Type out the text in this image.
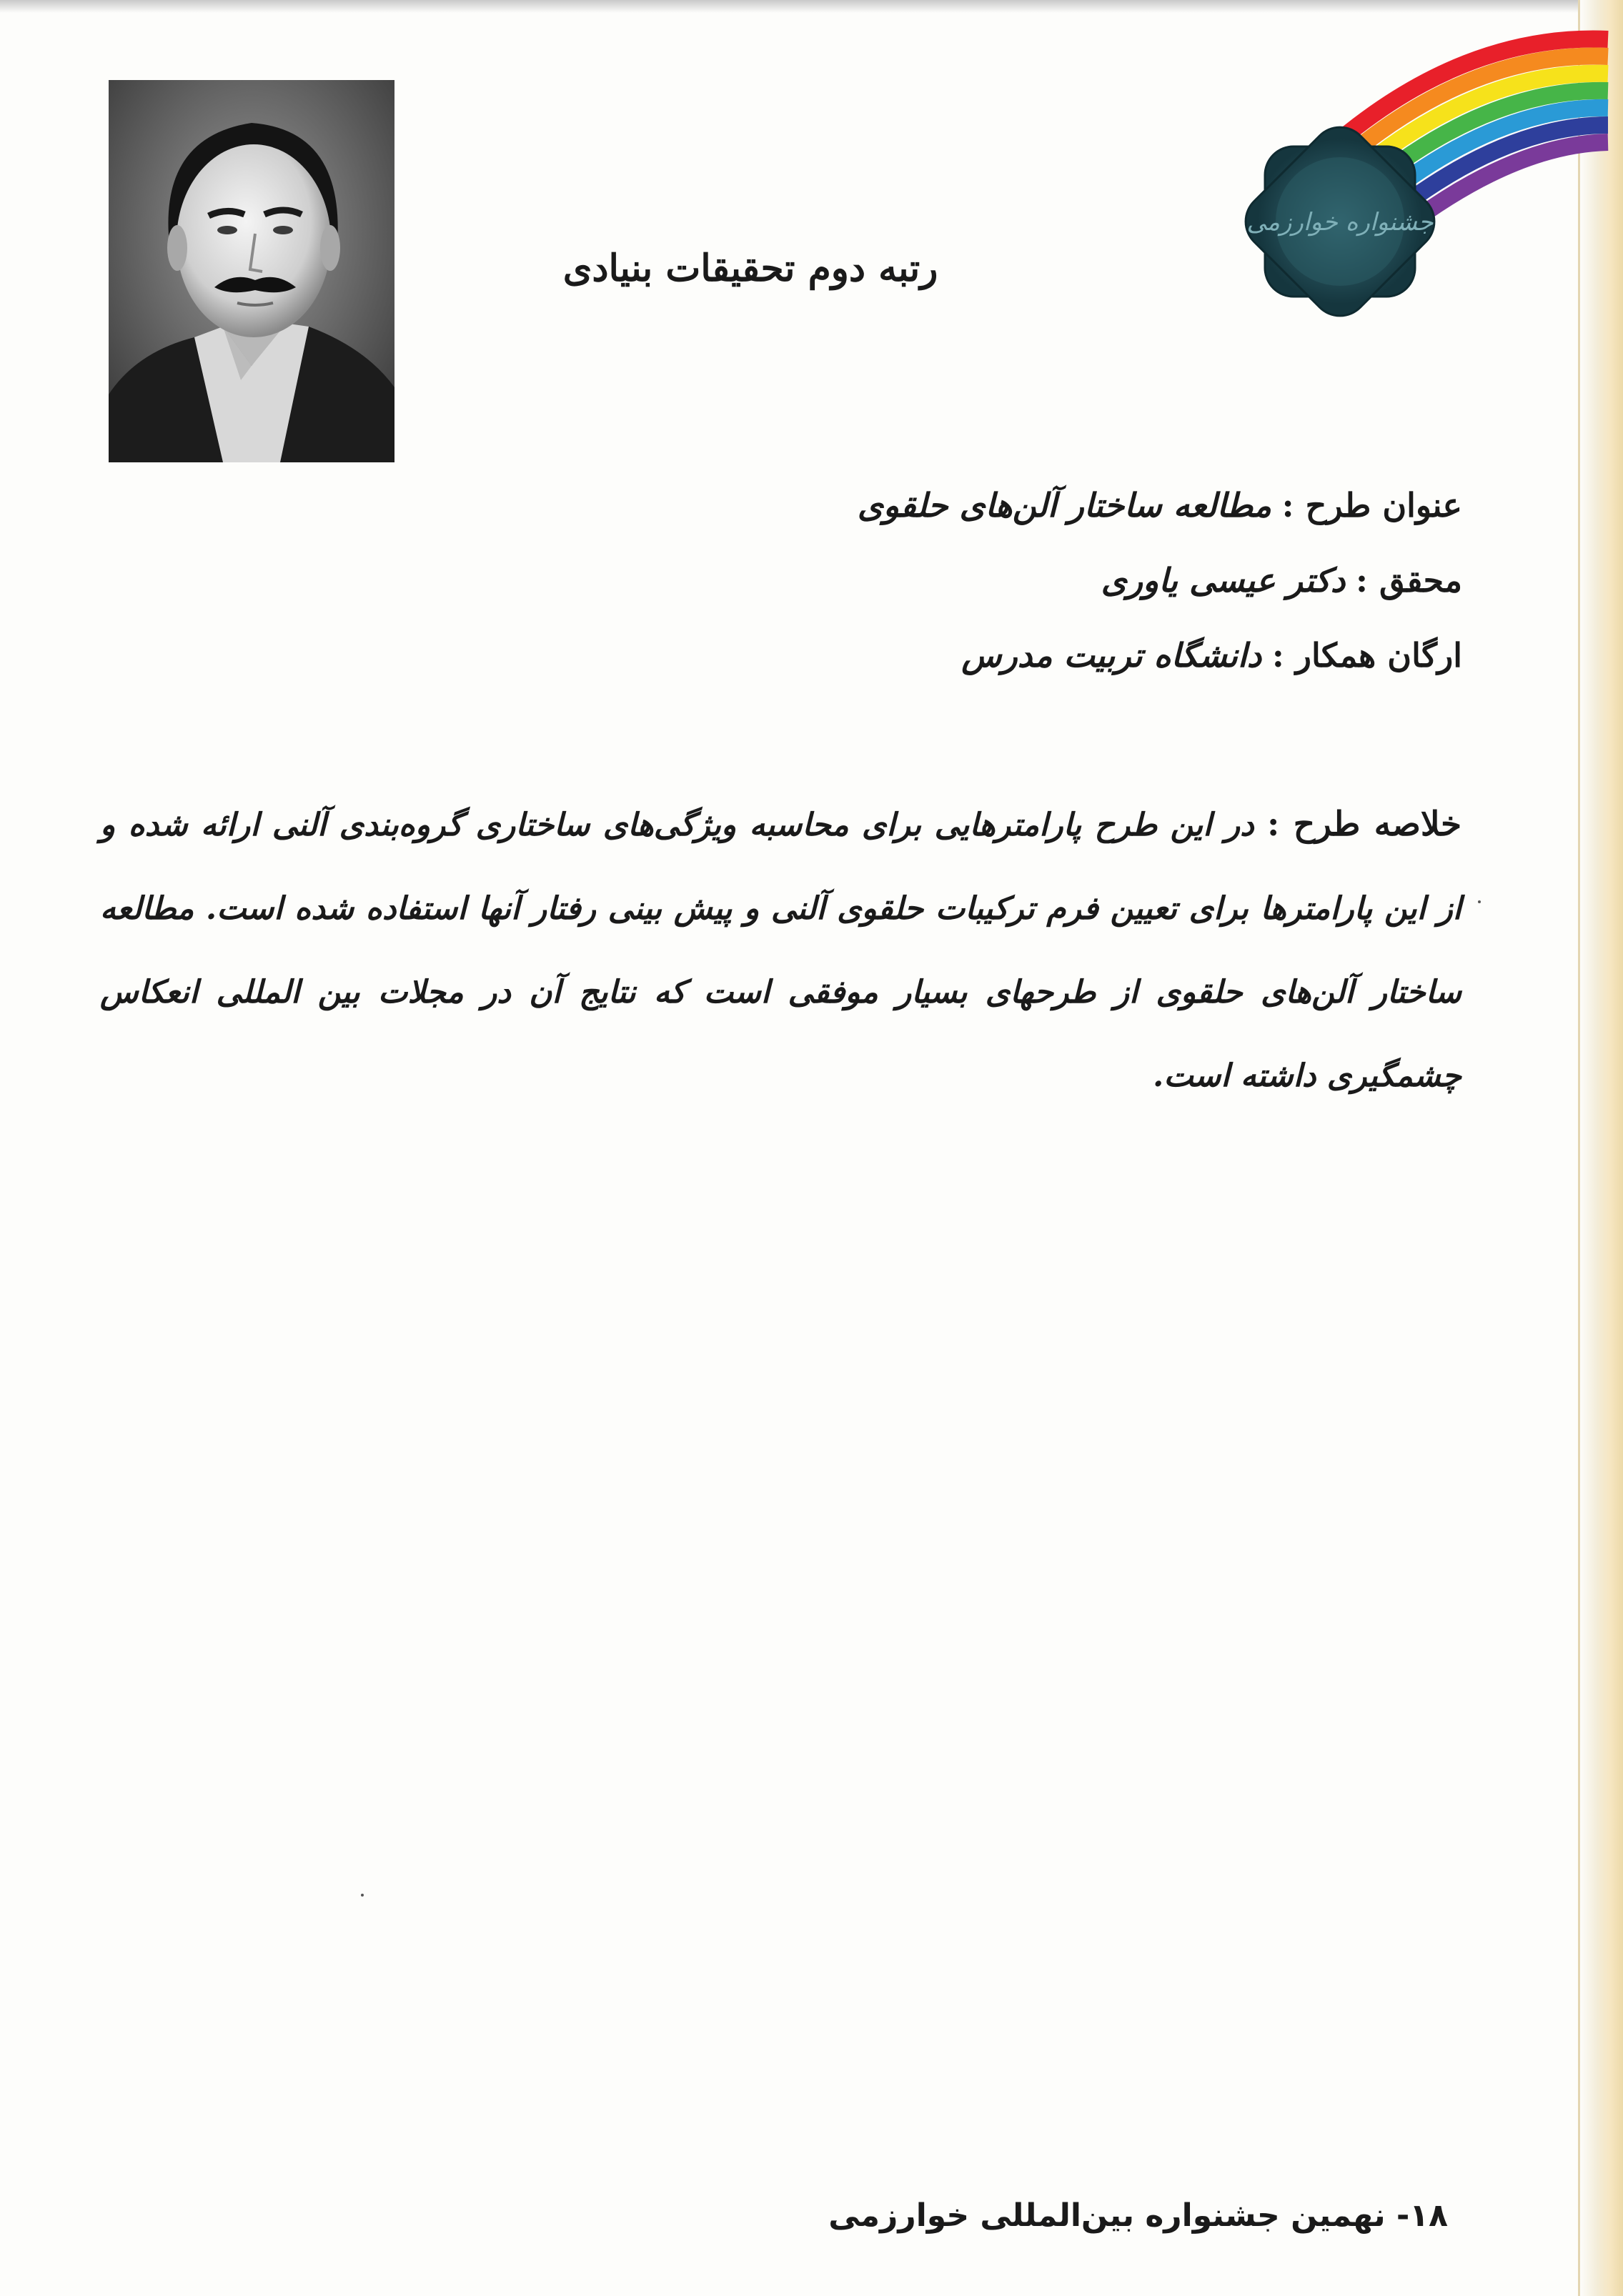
جشنواره خوارزمی
رتبه دوم تحقیقات بنیادی
عنوان طرح : مطالعه ساختار آلن‌های حلقوی
محقق : دکتر عیسی یاوری
ارگان همکار : دانشگاه تربیت مدرس
خلاصه طرح : در این طرح پارامترهایی برای محاسبه ویژگی‌های ساختاری گروه‌بندی آلنی ارائه شده و از این پارامترها برای تعیین فرم ترکیبات حلقوی آلنی و پیش بینی رفتار آنها استفاده شده است. مطالعه ساختار آلن‌های حلقوی از طرحهای بسیار موفقی است که نتایج آن در مجلات بین المللی انعکاس چشمگیری داشته است.
۱۸- نهمین جشنواره بین‌المللی خوارزمی
